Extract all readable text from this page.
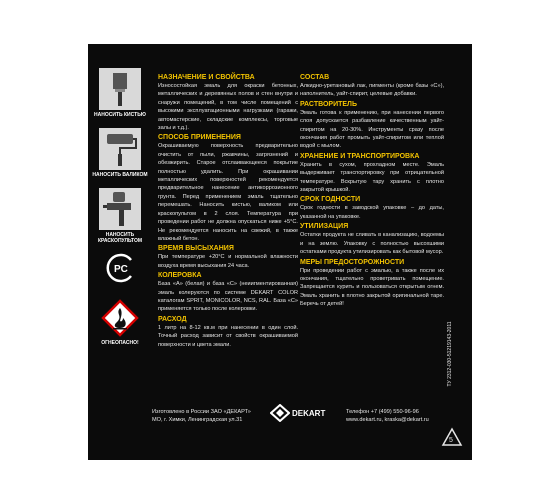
НАНОСИТЬ КИСТЬЮ
НАНОСИТЬ ВАЛИКОМ
НАНОСИТЬ КРАСКОПУЛЬТОМ
PC
ОГНЕОПАСНО!
НАЗНАЧЕНИЕ И СВОЙСТВА
Износостойкая эмаль для окраски бетонных, металлических и деревянных полов и стен внутри и снаружи помещений, в том числе помещений с высокими эксплуатационными нагрузками (гаражи, автомастерские, складские комплексы, торговые залы и т.д.).
СПОСОБ ПРИМЕНЕНИЯ
Окрашиваемую поверхность предварительно очистить от пыли, ржавчины, загрязнений и обезжирить. Старое отслаивающееся покрытие полностью удалить. При окрашивании металлических поверхностей рекомендуется предварительное нанесение антикоррозионного грунта. Перед применением эмаль тщательно перемешать. Наносить кистью, валиком или краскопультом в 2 слоя. Температура при проведении работ не должна опускаться ниже +5°С. Не рекомендуется наносить на свежий, в также влажный бетон.
ВРЕМЯ ВЫСЫХАНИЯ
При температуре +20°С и нормальной влажности воздуха время высыхания 24 часа.
КОЛЕРОВКА
База «А» (белая) и база «С» (неиигментированная) эмаль колеруются по системе DEKART COLOR каталогам SPRIT, MONICOLOR, NCS, RAL. База «С» применяется только после колеровки.
РАСХОД
1 литр на 8-12 кв.м при нанесении в один слой. Точный расход зависит от свойств окрашиваемой поверхности и цвета эмали.
СОСТАВ
Алкидно-уретановый лак, пигменты (кроме базы «С»), наполнитель, уайт-спирит, целевые добавки.
РАСТВОРИТЕЛЬ
Эмаль готова к применению, при нанесении первого слоя допускается разбавление качественным уайт-спиритом на 20-30%. Инструменты сразу после окончания работ промыть уайт-спиритом или теплой водой с мылом.
ХРАНЕНИЕ И ТРАНСПОРТИРОВКА
Хранить в сухом, прохладном месте. Эмаль выдерживает транспортировку при отрицательной температуре. Вскрытую тару хранить с плотно закрытой крышкой.
СРОК ГОДНОСТИ
Срок годности в заводской упаковке – до даты, указанной на упаковке.
УТИЛИЗАЦИЯ
Остатки продукта не сливать в канализацию, водоемы и на землю. Упаковку с полностью высохшими остатками продукта утилизировать как бытовой мусор.
МЕРЫ ПРЕДОСТОРОЖНОСТИ
При проведении работ с эмалью, а также после их окончания, тщательно проветривать помещение. Запрещается курить и пользоваться открытым огнем. Эмаль хранить в плотно закрытой оригинальной таре. Беречь от детей!
ТУ 2312-030-51219143-2011
Изготовлено в России ЗАО «ДЕКАРТ»
МО, г. Химки, Ленинградская ул.31
DEKART	Телефон +7 (499) 550-96-96
www.dekart.ru, kraska@dekart.ru
5
